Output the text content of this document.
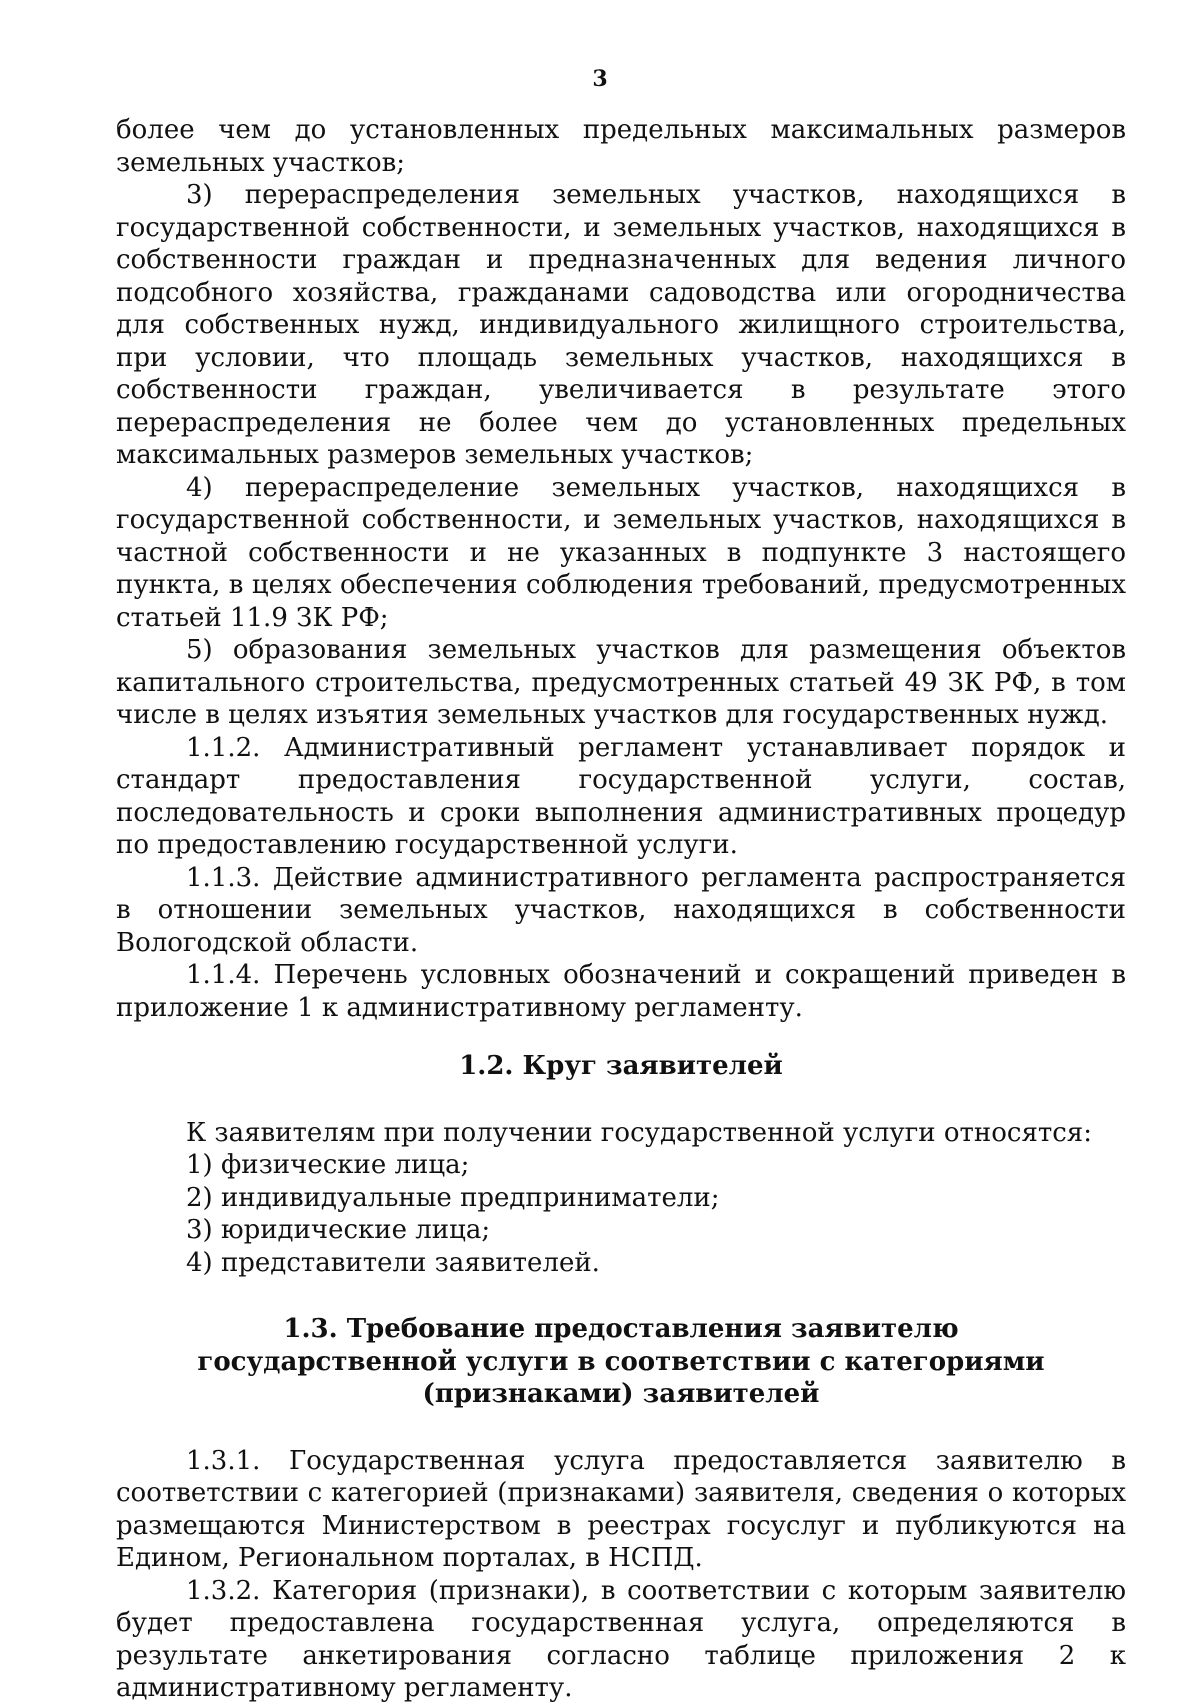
3

более чем до установленных предельных максимальных размеров земельных участков;

3) перераспределения земельных участков, находящихся в государственной собственности, и земельных участков, находящихся в собственности граждан и предназначенных для ведения личного подсобного хозяйства, гражданами садоводства или огородничества для собственных нужд, индивидуального жилищного строительства, при условии, что площадь земельных участков, находящихся в собственности граждан, увеличивается в результате этого перераспределения не более чем до установленных предельных максимальных размеров земельных участков;

4) перераспределение земельных участков, находящихся в государственной собственности, и земельных участков, находящихся в частной собственности и не указанных в подпункте 3 настоящего пункта, в целях обеспечения соблюдения требований, предусмотренных статьей 11.9 ЗК РФ;

5) образования земельных участков для размещения объектов капитального строительства, предусмотренных статьей 49 ЗК РФ, в том числе в целях изъятия земельных участков для государственных нужд.

1.1.2. Административный регламент устанавливает порядок и стандарт предоставления государственной услуги, состав, последовательность и сроки выполнения административных процедур по предоставлению государственной услуги.

1.1.3. Действие административного регламента распространяется в отношении земельных участков, находящихся в собственности Вологодской области.

1.1.4. Перечень условных обозначений и сокращений приведен в приложение 1 к административному регламенту.

1.2. Круг заявителей

К заявителям при получении государственной услуги относятся:

1) физические лица;

2) индивидуальные предприниматели;

3) юридические лица;

4) представители заявителей.

1.3. Требование предоставления заявителю государственной услуги в соответствии с категориями (признаками) заявителей

1.3.1. Государственная услуга предоставляется заявителю в соответствии с категорией (признаками) заявителя, сведения о которых размещаются Министерством в реестрах госуслуг и публикуются на Едином, Региональном порталах, в НСПД.

1.3.2. Категория (признаки), в соответствии с которым заявителю будет предоставлена государственная услуга, определяются в результате анкетирования согласно таблице приложения 2 к административному регламенту.
